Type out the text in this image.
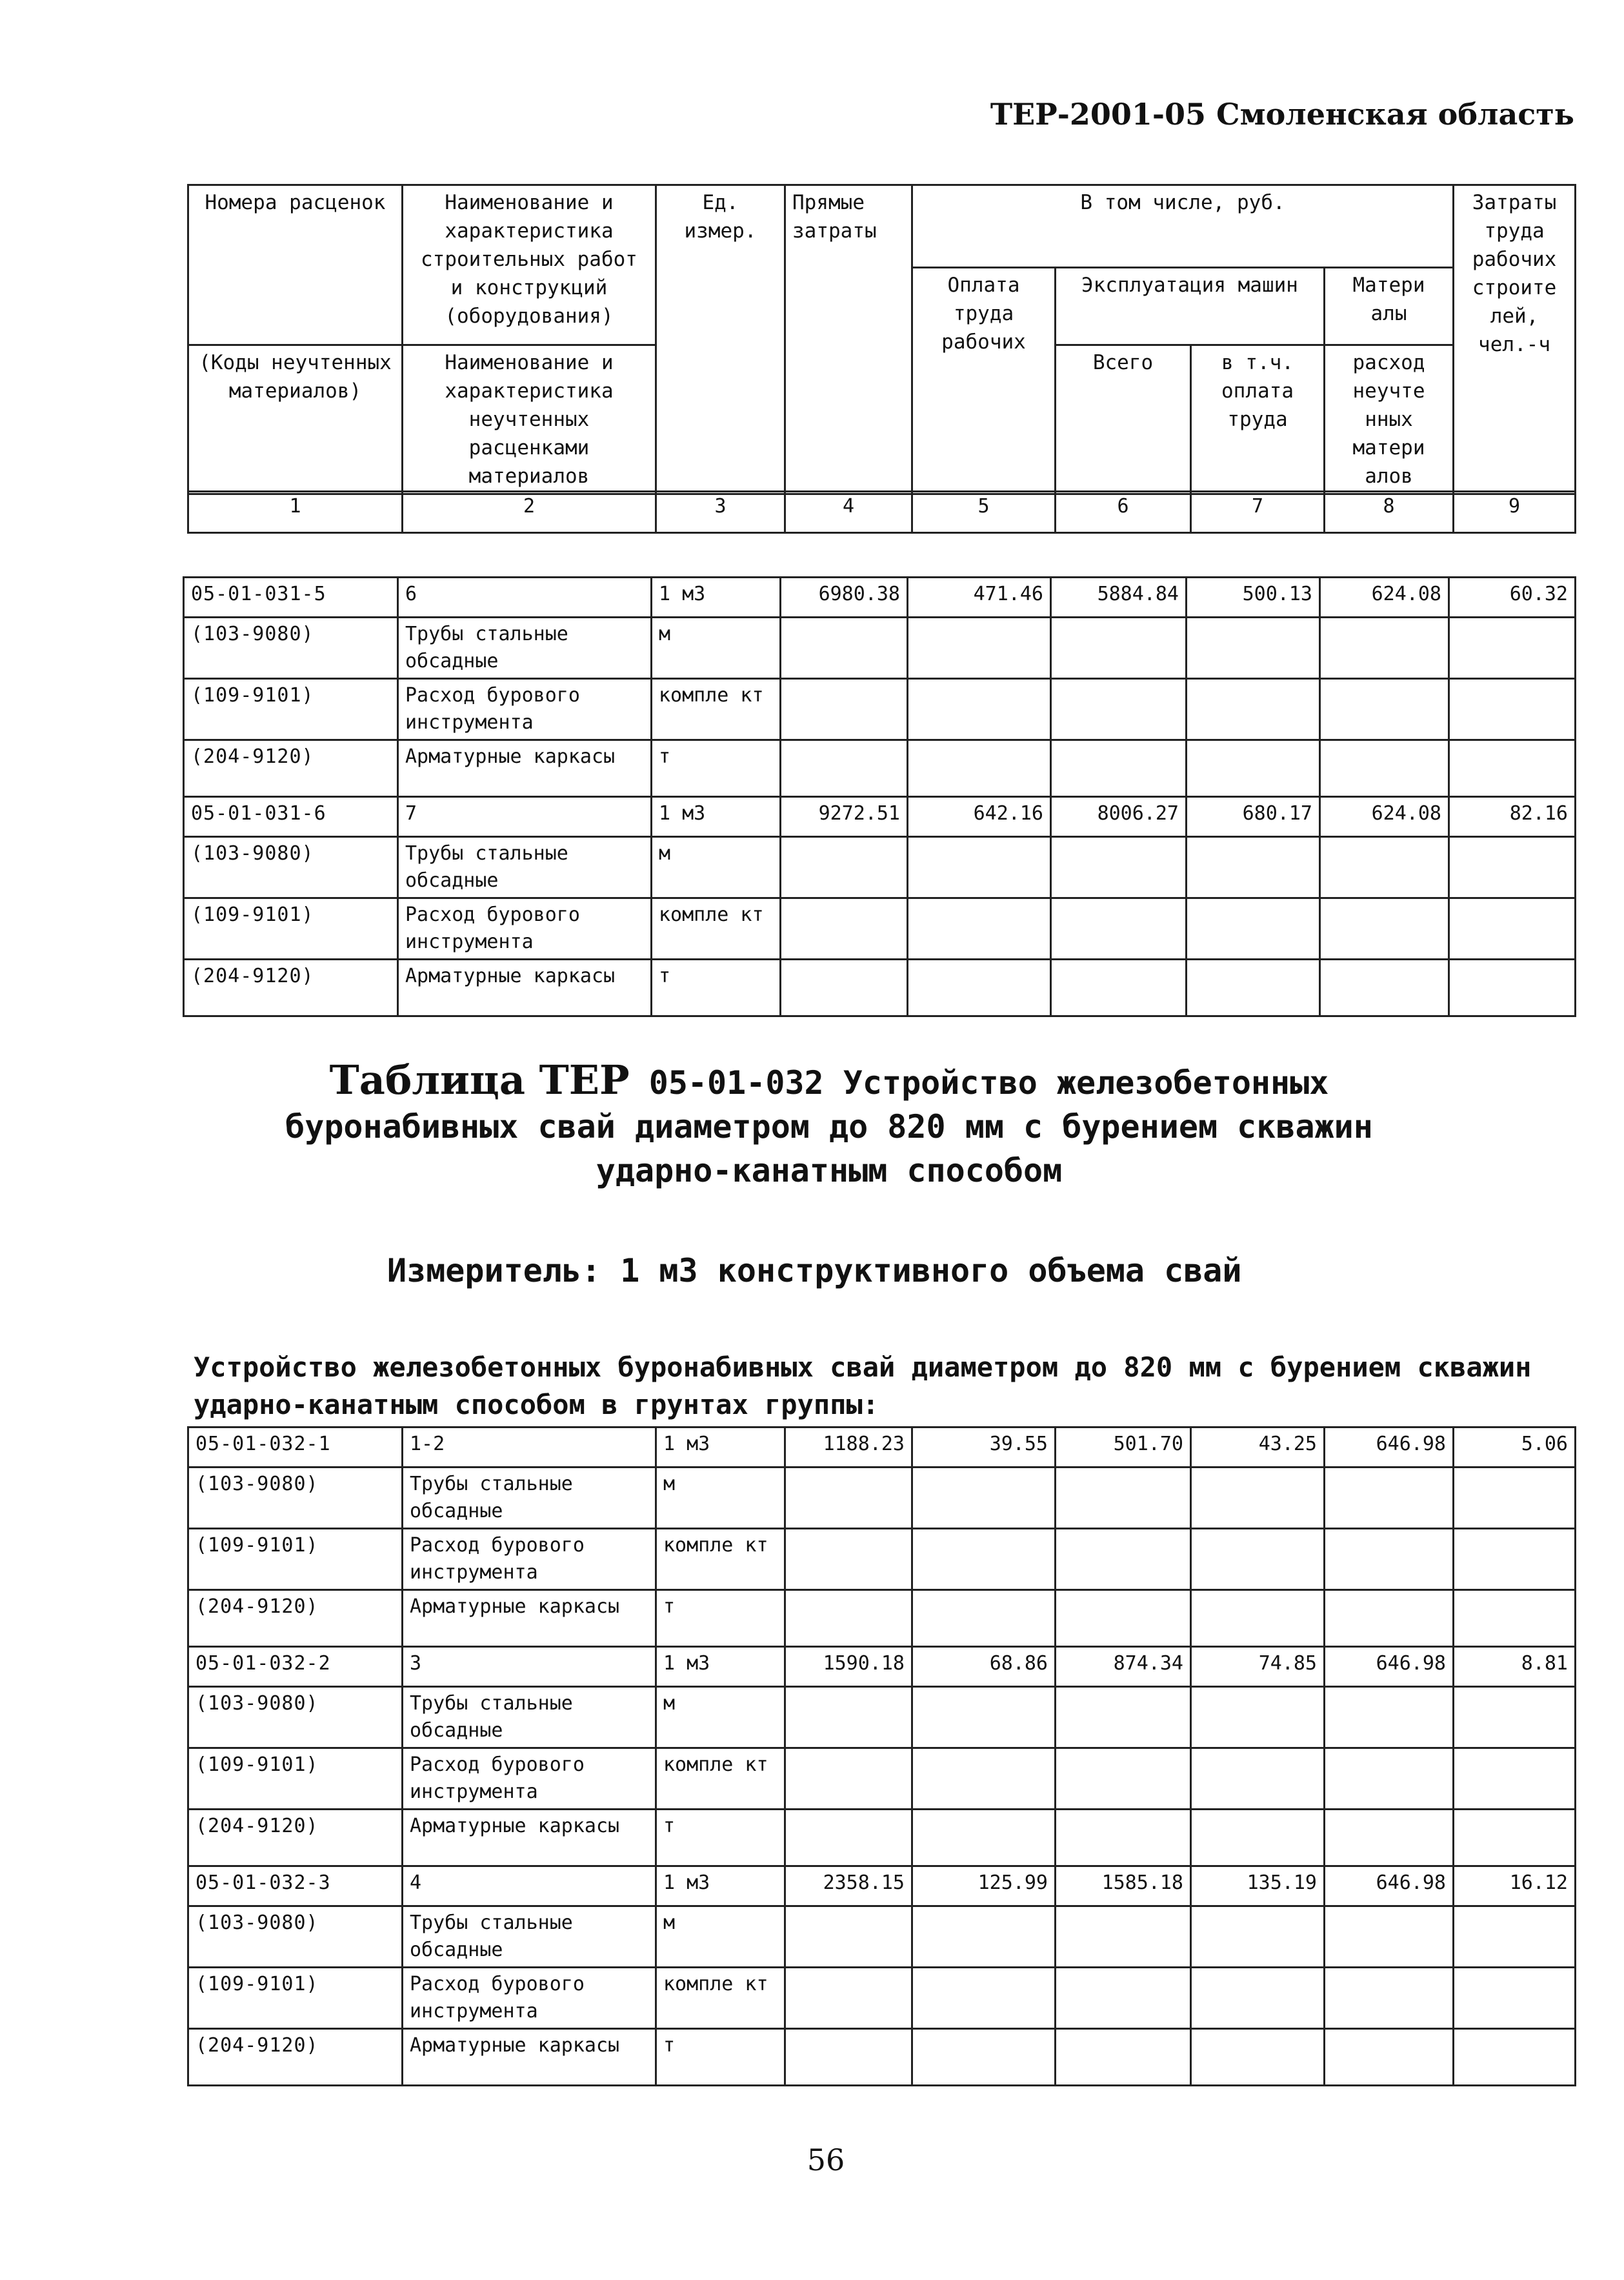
ТЕР-2001-05 Смоленская область
Номера расценок	Наименование и характеристика строительных работ и конструкций (оборудования)	Ед. измер.	Прямые затраты	В том числе, руб.				Затраты труда рабочих строите лей, чел.-ч
				Оплата труда рабочих	Эксплуатация машин		Матери алы	
(Коды неучтенных материалов)	Наименование и характеристика неучтенных расценками материалов				Всего	в т.ч. оплата труда	расход неучте нных матери алов	

1	2	3	4	5	6	7	8	9
05-01-031-5	6	1 м3	6980.38	471.46	5884.84	500.13	624.08	60.32
(103-9080)	Трубы стальные обсадные	м						
(109-9101)	Расход бурового инструмента	компле кт						
(204-9120)	Арматурные каркасы	т						
05-01-031-6	7	1 м3	9272.51	642.16	8006.27	680.17	624.08	82.16
(103-9080)	Трубы стальные обсадные	м						
(109-9101)	Расход бурового инструмента	компле кт						
(204-9120)	Арматурные каркасы	т						
Таблица ТЕР 05-01-032 Устройство железобетонных
буронабивных свай диаметром до 820 мм с бурением скважин
ударно-канатным способом
Измеритель: 1 м3 конструктивного объема свай
Устройство железобетонных буронабивных свай диаметром до 820 мм с бурением скважин ударно-канатным способом в грунтах группы:
05-01-032-1	1-2	1 м3	1188.23	39.55	501.70	43.25	646.98	5.06
(103-9080)	Трубы стальные обсадные	м						
(109-9101)	Расход бурового инструмента	компле кт						
(204-9120)	Арматурные каркасы	т						
05-01-032-2	3	1 м3	1590.18	68.86	874.34	74.85	646.98	8.81
(103-9080)	Трубы стальные обсадные	м						
(109-9101)	Расход бурового инструмента	компле кт						
(204-9120)	Арматурные каркасы	т						
05-01-032-3	4	1 м3	2358.15	125.99	1585.18	135.19	646.98	16.12
(103-9080)	Трубы стальные обсадные	м						
(109-9101)	Расход бурового инструмента	компле кт						
(204-9120)	Арматурные каркасы	т						
56
